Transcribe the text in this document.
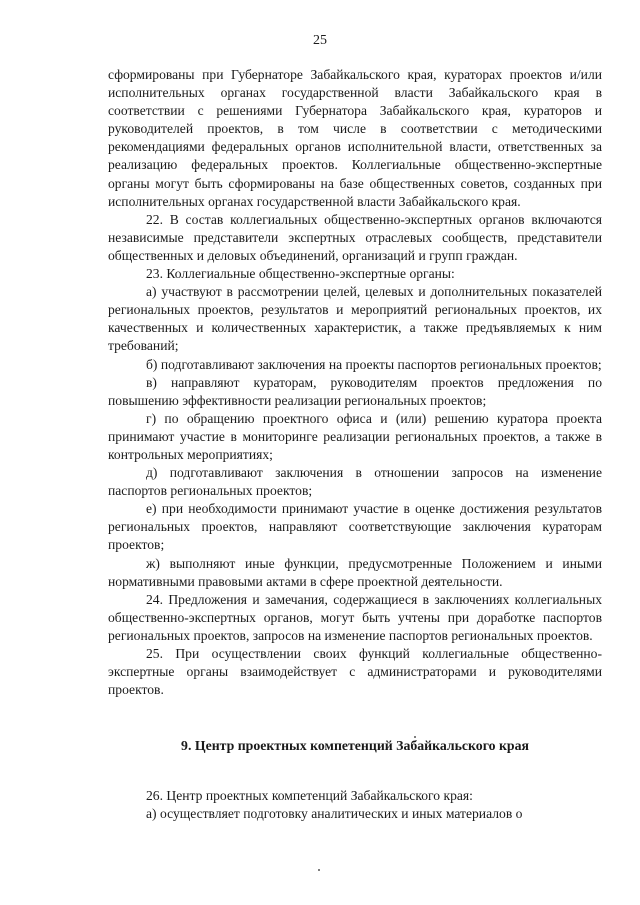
25

сформированы при Губернаторе Забайкальского края, кураторах проектов и/или исполнительных органах государственной власти Забайкальского края в соответствии с решениями Губернатора Забайкальского края, кураторов и руководителей проектов, в том числе в соответствии с методическими рекомендациями федеральных органов исполнительной власти, ответственных за реализацию федеральных проектов. Коллегиальные общественно-экспертные органы могут быть сформированы на базе общественных советов, созданных при исполнительных органах государственной власти Забайкальского края.

22. В состав коллегиальных общественно-экспертных органов включаются независимые представители экспертных отраслевых сообществ, представители общественных и деловых объединений, организаций и групп граждан.

23. Коллегиальные общественно-экспертные органы:

а) участвуют в рассмотрении целей, целевых и дополнительных показателей региональных проектов, результатов и мероприятий региональных проектов, их качественных и количественных характеристик, а также предъявляемых к ним требований;

б) подготавливают заключения на проекты паспортов региональных проектов;

в) направляют кураторам, руководителям проектов предложения по повышению эффективности реализации региональных проектов;

г) по обращению проектного офиса и (или) решению куратора проекта принимают участие в мониторинге реализации региональных проектов, а также в контрольных мероприятиях;

д) подготавливают заключения в отношении запросов на изменение паспортов региональных проектов;

е) при необходимости принимают участие в оценке достижения результатов региональных проектов, направляют соответствующие заключения кураторам проектов;

ж) выполняют иные функции, предусмотренные Положением и иными нормативными правовыми актами в сфере проектной деятельности.

24. Предложения и замечания, содержащиеся в заключениях коллегиальных общественно-экспертных органов, могут быть учтены при доработке паспортов региональных проектов, запросов на изменение паспортов региональных проектов.

25. При осуществлении своих функций коллегиальные общественно-экспертные органы взаимодействует с администраторами и руководителями проектов.

9. Центр проектных компетенций Забайкальского края

26. Центр проектных компетенций Забайкальского края:

а) осуществляет подготовку аналитических и иных материалов о
